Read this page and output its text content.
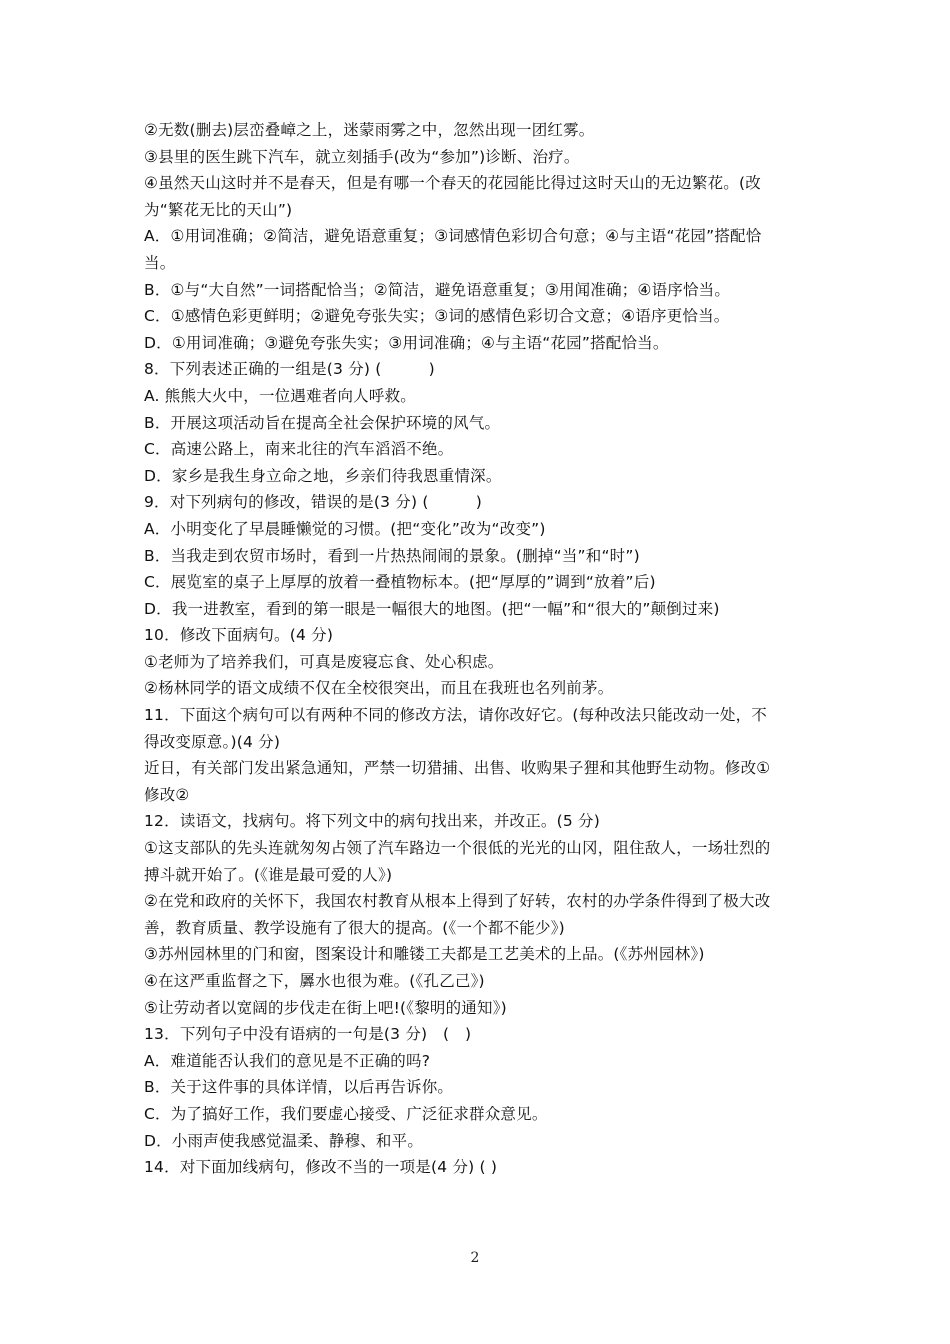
②无数(删去)层峦叠嶂之上，迷蒙雨雾之中，忽然出现一团红雾。
③县里的医生跳下汽车，就立刻插手(改为“参加”)诊断、治疗。
④虽然天山这时并不是春天，但是有哪一个春天的花园能比得过这时天山的无边繁花。(改
为“繁花无比的天山”)
A．①用词准确；②简洁，避免语意重复；③词感情色彩切合句意；④与主语“花园”搭配恰
当。
B．①与“大自然”一词搭配恰当；②简洁，避免语意重复；③用闻准确；④语序恰当。
C．①感情色彩更鲜明；②避免夸张失实；③词的感情色彩切合文意；④语序更恰当。
D．①用词准确；③避免夸张失实；③用词准确；④与主语“花园”搭配恰当。
8．下列表述正确的一组是(3 分) (　　　)
A. 熊熊大火中，一位遇难者向人呼救。
B．开展这项活动旨在提高全社会保护环境的风气。
C．高速公路上，南来北往的汽车滔滔不绝。
D．家乡是我生身立命之地，乡亲们待我恩重情深。
9．对下列病句的修改，错误的是(3 分) (　　　)
A．小明变化了早晨睡懒觉的习惯。(把“变化”改为“改变”)
B．当我走到农贸市场时，看到一片热热闹闹的景象。(删掉“当”和“时”)
C．展览室的桌子上厚厚的放着一叠植物标本。(把“厚厚的”调到“放着”后)
D．我一进教室，看到的第一眼是一幅很大的地图。(把“一幅”和“很大的”颠倒过来)
10．修改下面病句。(4 分)
①老师为了培养我们，可真是废寝忘食、处心积虑。
②杨林同学的语文成绩不仅在全校很突出，而且在我班也名列前茅。
11．下面这个病句可以有两种不同的修改方法，请你改好它。(每种改法只能改动一处，不
得改变原意。)(4 分)
近日，有关部门发出紧急通知，严禁一切猎捕、出售、收购果子狸和其他野生动物。修改①
修改②
12．读语文，找病句。将下列文中的病句找出来，并改正。(5 分)
①这支部队的先头连就匆匆占领了汽车路边一个很低的光光的山冈，阻住敌人，一场壮烈的
搏斗就开始了。(《谁是最可爱的人》)
②在党和政府的关怀下，我国农村教育从根本上得到了好转，农村的办学条件得到了极大改
善，教育质量、教学设施有了很大的提高。(《一个都不能少》)
③苏州园林里的门和窗，图案设计和雕镂工夫都是工艺美术的上品。(《苏州园林》)
④在这严重监督之下，羼水也很为难。(《孔乙己》)
⑤让劳动者以宽阔的步伐走在街上吧!(《黎明的通知》)
13．下列句子中没有语病的一句是(3 分)　(　)
A．难道能否认我们的意见是不正确的吗?
B．关于这件事的具体详情，以后再告诉你。
C．为了搞好工作，我们要虚心接受、广泛征求群众意见。
D．小雨声使我感觉温柔、静穆、和平。
14．对下面加线病句，修改不当的一项是(4 分) ( )
2
